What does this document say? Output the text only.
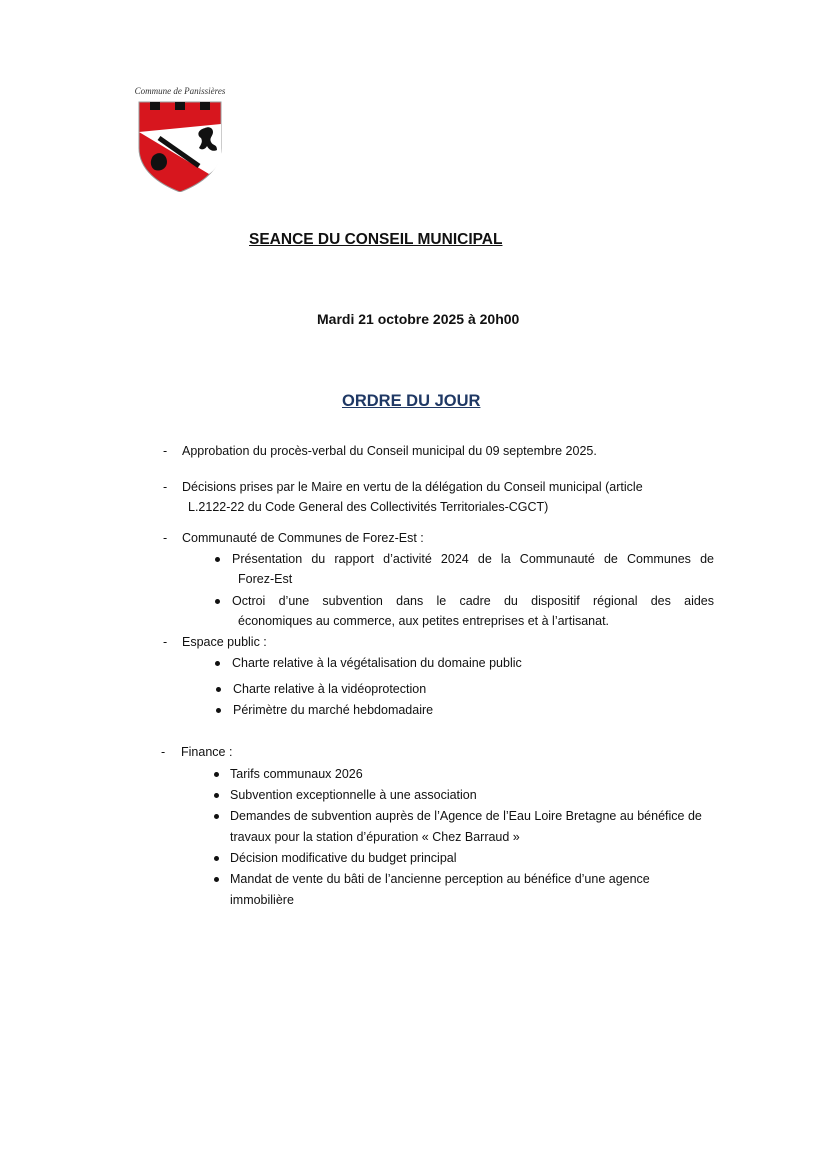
Commune de Panissières
SEANCE DU CONSEIL MUNICIPAL
Mardi 21 octobre 2025 à 20h00
ORDRE DU JOUR
- Approbation du procès-verbal du Conseil municipal du 09 septembre 2025.
- Décisions prises par le Maire en vertu de la délégation du Conseil municipal (article
L.2122-22 du Code General des Collectivités Territoriales-CGCT)
- Communauté de Communes de Forez-Est :
Présentation du rapport d’activité 2024 de la Communauté de Communes de
Forez-Est
Octroi d’une subvention dans le cadre du dispositif régional des aides
économiques au commerce, aux petites entreprises et à l’artisanat.
- Espace public :
Charte relative à la végétalisation du domaine public
Charte relative à la vidéoprotection
Périmètre du marché hebdomadaire
- Finance :
Tarifs communaux 2026
Subvention exceptionnelle à une association
Demandes de subvention auprès de l’Agence de l’Eau Loire Bretagne au bénéfice de
travaux pour la station d’épuration « Chez Barraud »
Décision modificative du budget principal
Mandat de vente du bâti de l’ancienne perception au bénéfice d’une agence
immobilière
